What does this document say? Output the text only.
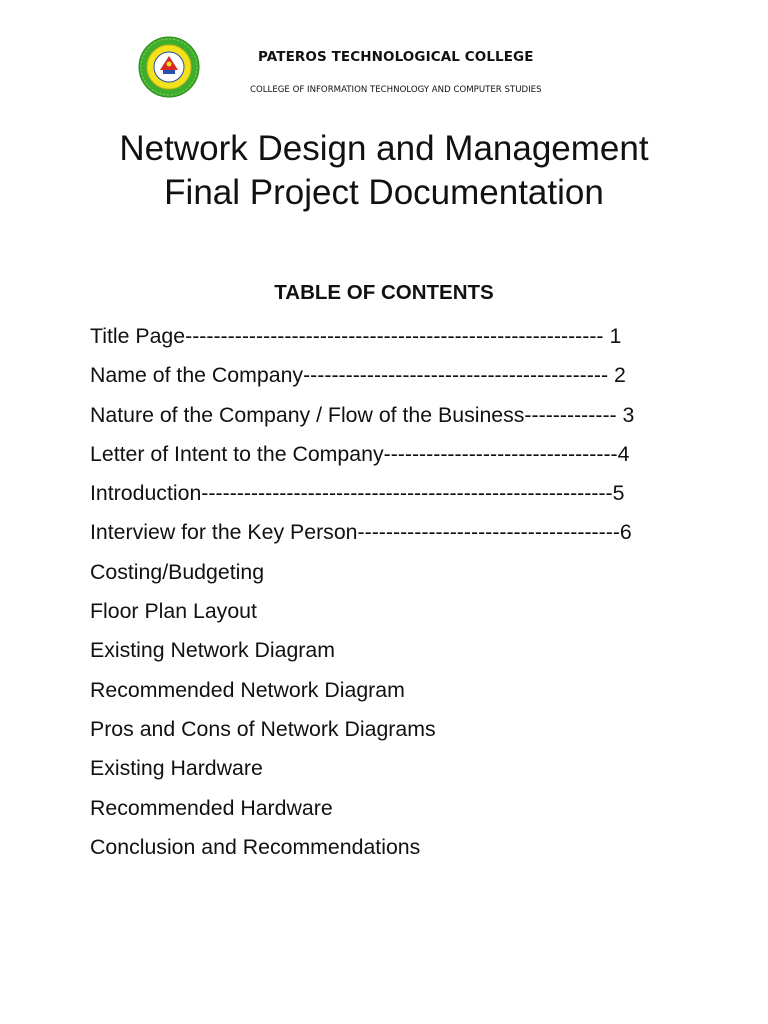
PATEROS TECHNOLOGICAL COLLEGE
COLLEGE OF INFORMATION TECHNOLOGY AND COMPUTER STUDIES
Network Design and Management
Final Project Documentation
TABLE OF CONTENTS
Title Page----------------------------------------------------------- 1
Name of the Company------------------------------------------- 2
Nature of the Company / Flow of the Business------------- 3
Letter of Intent to the Company---------------------------------4
Introduction----------------------------------------------------------5
Interview for the Key Person-------------------------------------6
Costing/Budgeting
Floor Plan Layout
Existing Network Diagram
Recommended Network Diagram
Pros and Cons of Network Diagrams
Existing Hardware
Recommended Hardware
Conclusion and Recommendations
